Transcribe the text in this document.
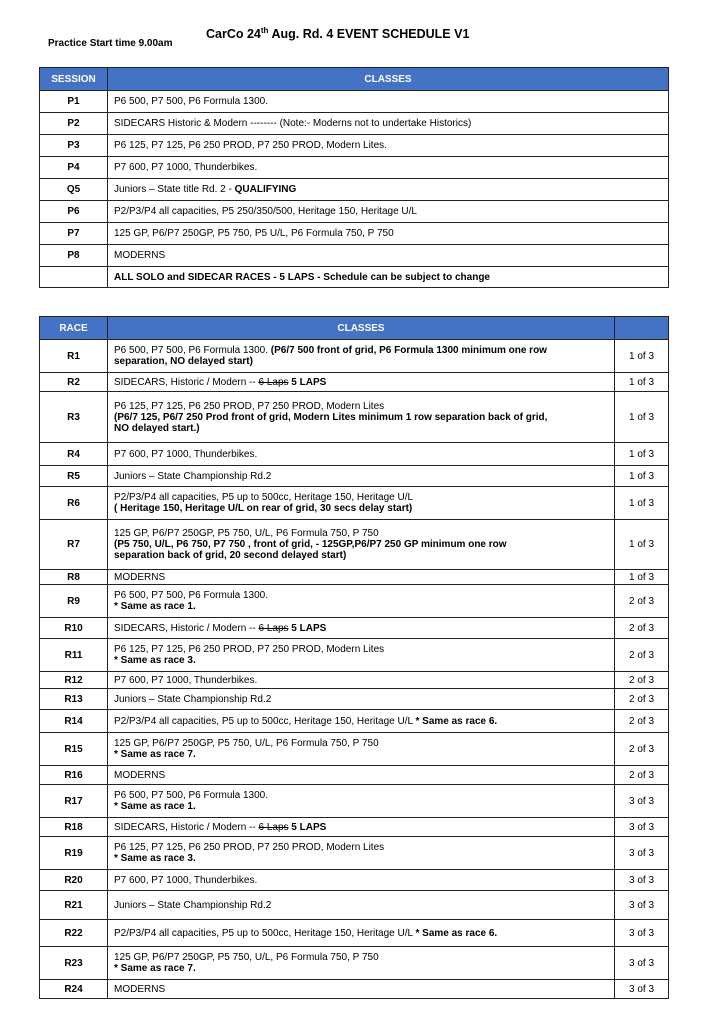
Practice Start time 9.00am
CarCo 24th Aug. Rd. 4 EVENT SCHEDULE V1
SESSION	CLASSES
P1	P6 500, P7 500, P6 Formula 1300.
P2	SIDECARS Historic & Modern -------- (Note:- Moderns not to undertake Historics)
P3	P6 125, P7 125, P6 250 PROD, P7 250 PROD, Modern Lites.
P4	P7 600, P7 1000, Thunderbikes.
Q5	Juniors – State title Rd. 2 - QUALIFYING
P6	P2/P3/P4 all capacities, P5 250/350/500, Heritage 150, Heritage U/L
P7	125 GP, P6/P7 250GP, P5 750, P5 U/L, P6 Formula 750, P 750
P8	MODERNS
	ALL SOLO and SIDECAR RACES - 5 LAPS - Schedule can be subject to change
RACE	CLASSES	
R1	P6 500, P7 500, P6 Formula 1300. (P6/7 500 front of grid, P6 Formula 1300 minimum one row
separation, NO delayed start)	1 of 3
R2	SIDECARS, Historic / Modern -- 6 Laps 5 LAPS	1 of 3
R3	P6 125, P7 125, P6 250 PROD, P7 250 PROD, Modern Lites
(P6/7 125, P6/7 250 Prod front of grid, Modern Lites minimum 1 row separation back of grid,
NO delayed start.)	1 of 3
R4	P7 600, P7 1000, Thunderbikes.	1 of 3
R5	Juniors – State Championship Rd.2	1 of 3
R6	P2/P3/P4 all capacities, P5 up to 500cc, Heritage 150, Heritage U/L
( Heritage 150, Heritage U/L on rear of grid, 30 secs delay start)	1 of 3
R7	125 GP, P6/P7 250GP, P5 750, U/L, P6 Formula 750, P 750
(P5 750, U/L, P6 750, P7 750 , front of grid, - 125GP,P6/P7 250 GP minimum one row
separation back of grid, 20 second delayed start)	1 of 3
R8	MODERNS	1 of 3
R9	P6 500, P7 500, P6 Formula 1300.
* Same as race 1.	2 of 3
R10	SIDECARS, Historic / Modern -- 6 Laps 5 LAPS	2 of 3
R11	P6 125, P7 125, P6 250 PROD, P7 250 PROD, Modern Lites
* Same as race 3.	2 of 3
R12	P7 600, P7 1000, Thunderbikes.	2 of 3
R13	Juniors – State Championship Rd.2	2 of 3
R14	P2/P3/P4 all capacities, P5 up to 500cc, Heritage 150, Heritage U/L * Same as race 6.	2 of 3
R15	125 GP, P6/P7 250GP, P5 750, U/L, P6 Formula 750, P 750
* Same as race 7.	2 of 3
R16	MODERNS	2 of 3
R17	P6 500, P7 500, P6 Formula 1300.
* Same as race 1.	3 of 3
R18	SIDECARS, Historic / Modern -- 6 Laps 5 LAPS	3 of 3
R19	P6 125, P7 125, P6 250 PROD, P7 250 PROD, Modern Lites
* Same as race 3.	3 of 3
R20	P7 600, P7 1000, Thunderbikes.	3 of 3
R21	Juniors – State Championship Rd.2	3 of 3
R22	P2/P3/P4 all capacities, P5 up to 500cc, Heritage 150, Heritage U/L * Same as race 6.	3 of 3
R23	125 GP, P6/P7 250GP, P5 750, U/L, P6 Formula 750, P 750
* Same as race 7.	3 of 3
R24	MODERNS	3 of 3
